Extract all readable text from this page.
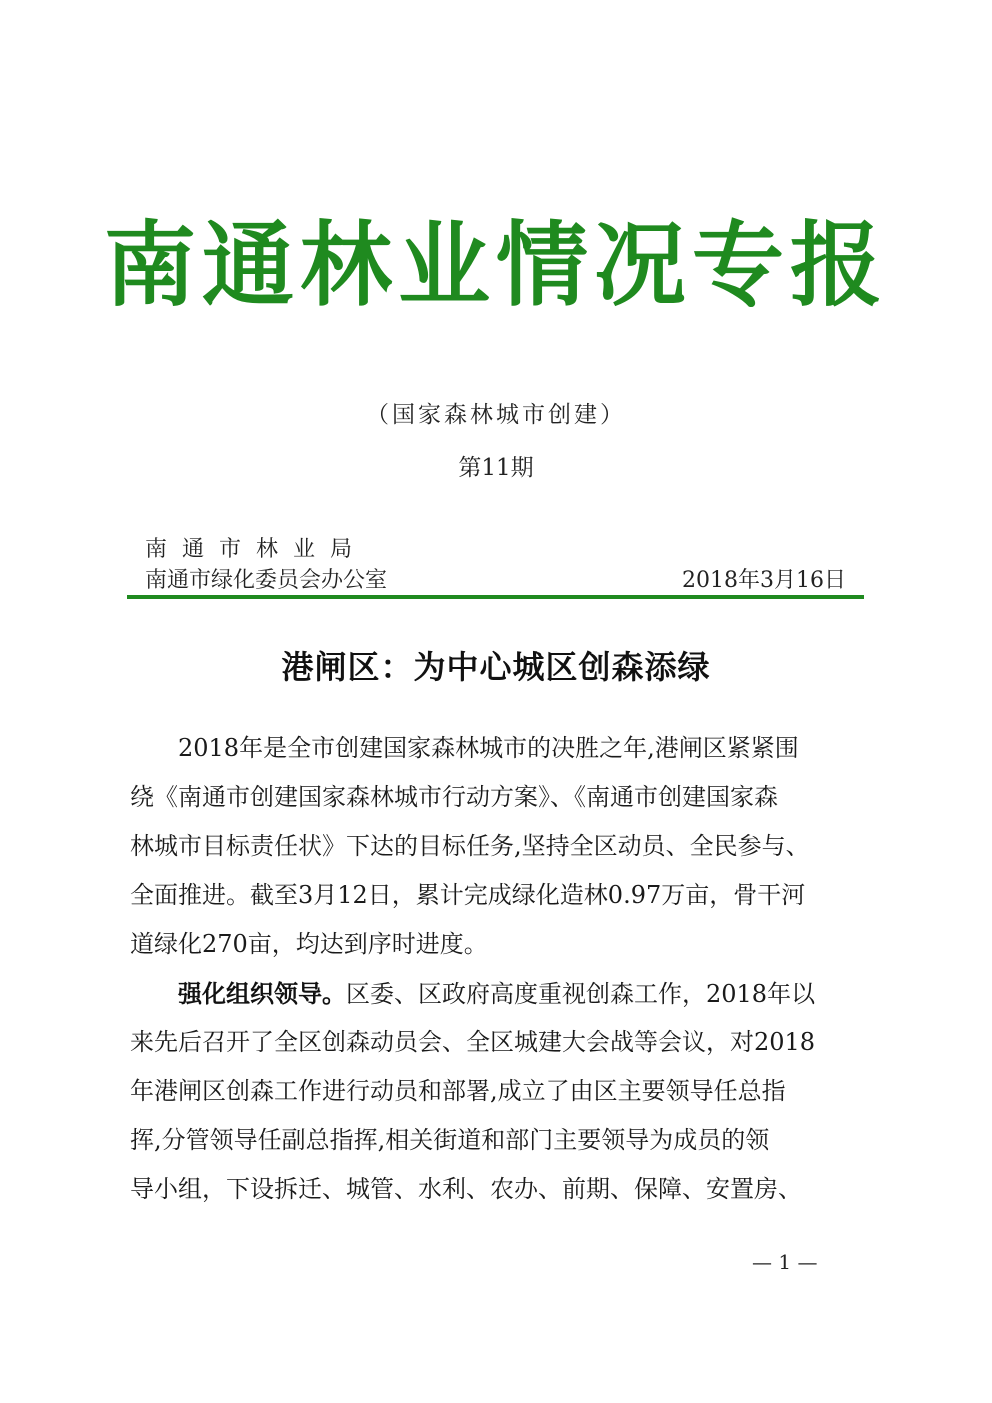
南通林业情况专报
（国家森林城市创建）
第11期
南通市林业局
南通市绿化委员会办公室	2018年3月16日
港闸区：为中心城区创森添绿
2018年是全市创建国家森林城市的决胜之年,港闸区紧紧围
绕《南通市创建国家森林城市行动方案》、《南通市创建国家森
林城市目标责任状》下达的目标任务,坚持全区动员、全民参与、
全面推进。截至3月12日，累计完成绿化造林0.97万亩，骨干河
道绿化270亩，均达到序时进度。
强化组织领导。区委、区政府高度重视创森工作，2018年以
来先后召开了全区创森动员会、全区城建大会战等会议，对2018
年港闸区创森工作进行动员和部署,成立了由区主要领导任总指
挥,分管领导任副总指挥,相关街道和部门主要领导为成员的领
导小组，下设拆迁、城管、水利、农办、前期、保障、安置房、
— 1 —
